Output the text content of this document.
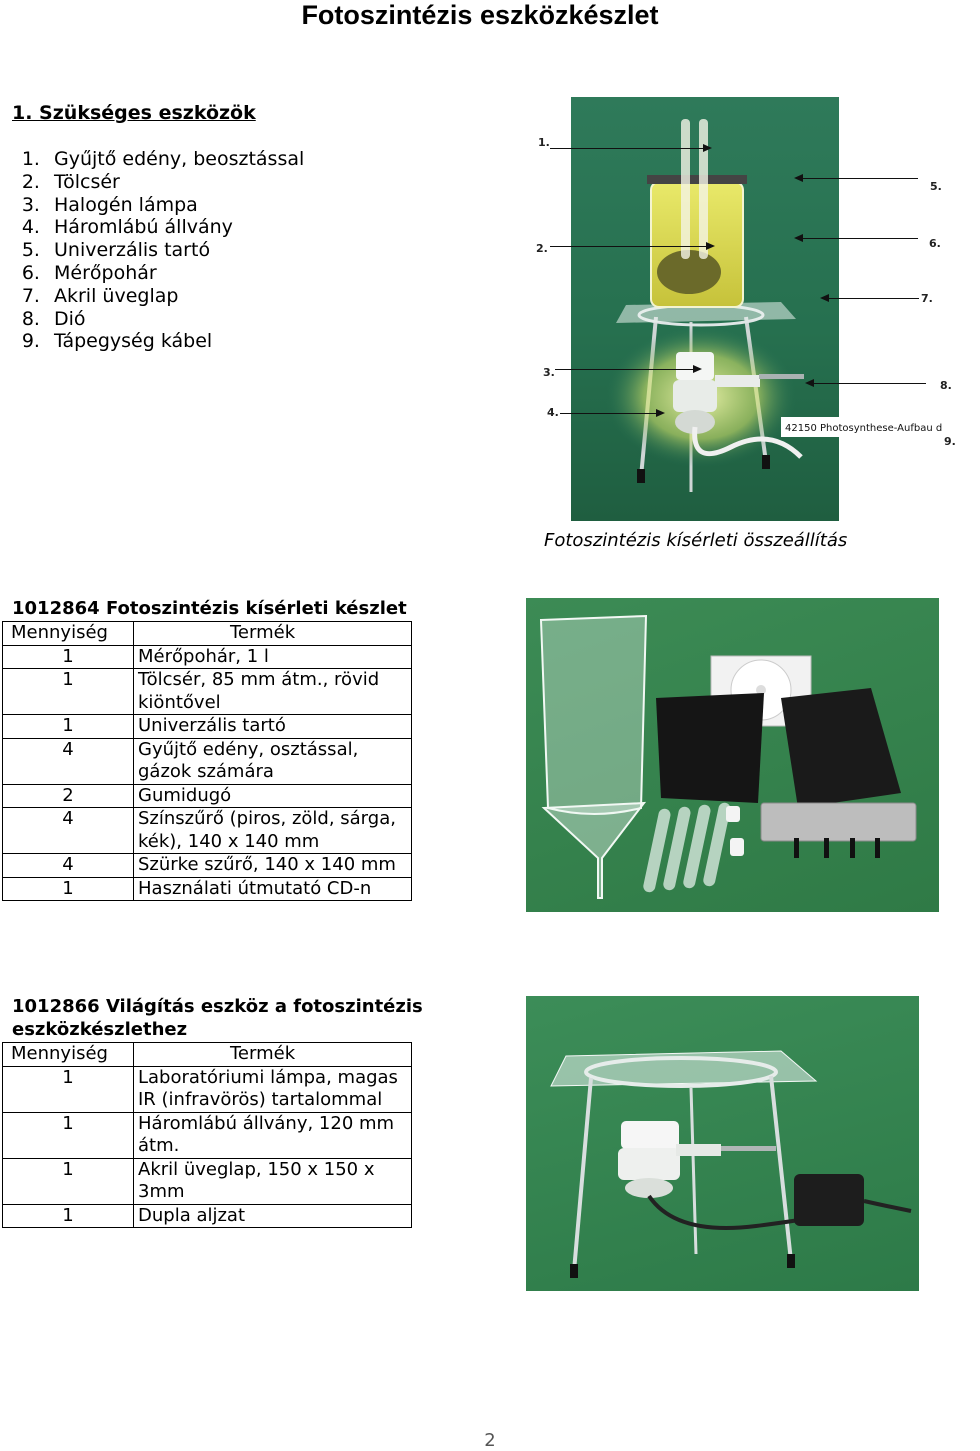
Fotoszintézis eszközkészlet
1. Szükséges eszközök
1. Gyűjtő edény, beosztással
2. Tölcsér
3. Halogén lámpa
4. Háromlábú állvány
5. Univerzális tartó
6. Mérőpohár
7. Akril üveglap
8. Dió
9. Tápegység kábel
42150 Photosynthese-Aufbau d
1.
2.
3.
4.
5.
6.
7.
8.
9.
Fotoszintézis kísérleti összeállítás
1012864 Fotoszintézis kísérleti készlet
Mennyiség	Termék
1	Mérőpohár, 1 l
1	Tölcsér, 85 mm átm., rövid kiöntővel
1	Univerzális tartó
4	Gyűjtő edény, osztással, gázok számára
2	Gumidugó
4	Színszűrő (piros, zöld, sárga, kék), 140 x 140 mm
4	Szürke szűrő, 140 x 140 mm
1	Használati útmutató CD-n
1012866 Világítás eszköz a fotoszintézis eszközkészlethez
Mennyiség	Termék
1	Laboratóriumi lámpa, magas IR (infravörös) tartalommal
1	Háromlábú állvány, 120 mm átm.
1	Akril üveglap, 150 x 150 x 3mm
1	Dupla aljzat
2
